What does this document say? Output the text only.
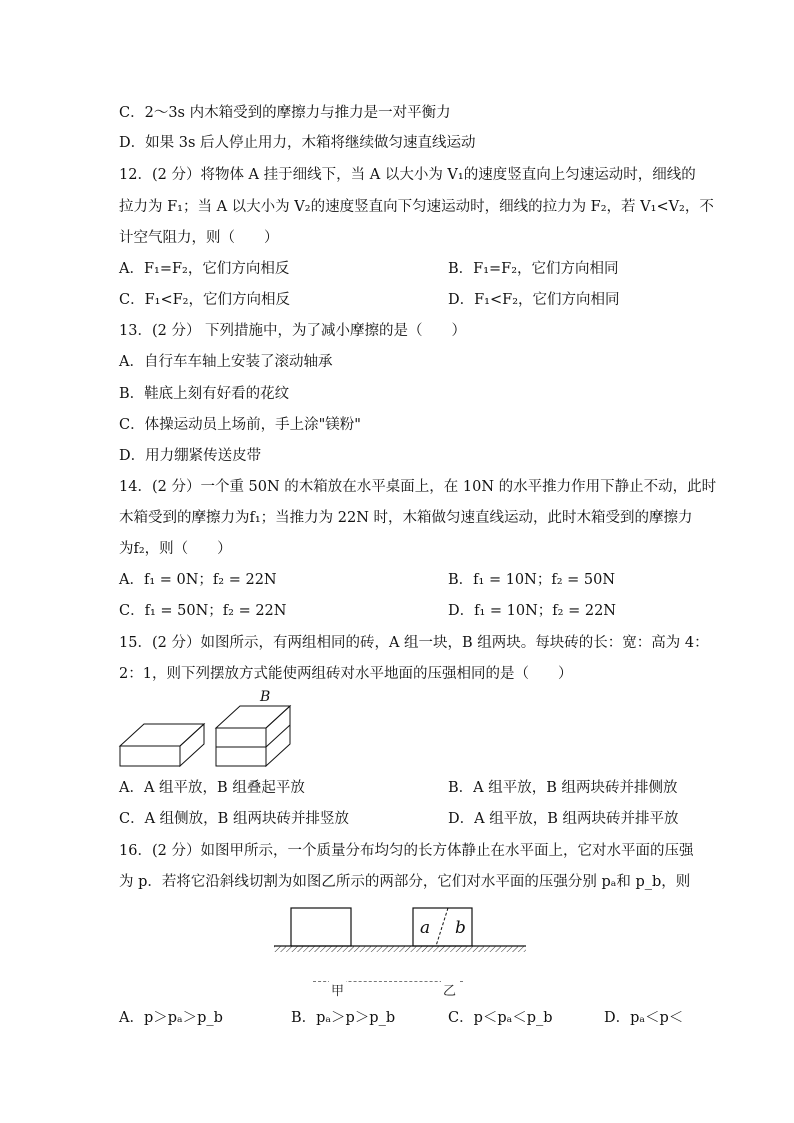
C．2～3s 内木箱受到的摩擦力与推力是一对平衡力
D．如果 3s 后人停止用力，木箱将继续做匀速直线运动
12．(2 分）将物体 A 挂于细线下，当 A 以大小为 V₁的速度竖直向上匀速运动时，细线的
拉力为 F₁；当 A 以大小为 V₂的速度竖直向下匀速运动时，细线的拉力为 F₂，若 V₁<V₂，不
计空气阻力，则（　　）
A．F₁=F₂，它们方向相反	B．F₁=F₂，它们方向相同
C．F₁<F₂，它们方向相反	D．F₁<F₂，它们方向相同
13．(2 分） 下列措施中，为了减小摩擦的是（　　）
A．自行车车轴上安装了滚动轴承
B．鞋底上刻有好看的花纹
C．体操运动员上场前，手上涂"镁粉"
D．用力绷紧传送皮带
14．(2 分）一个重 50N 的木箱放在水平桌面上，在 10N 的水平推力作用下静止不动，此时
木箱受到的摩擦力为f₁；当推力为 22N 时，木箱做匀速直线运动，此时木箱受到的摩擦力
为f₂，则（　　）
A．f₁ = 0N；f₂ = 22N	B．f₁ = 10N；f₂ = 50N
C．f₁ = 50N；f₂ = 22N	D．f₁ = 10N；f₂ = 22N
15．(2 分）如图所示，有两组相同的砖，A 组一块，B 组两块。每块砖的长：宽：高为 4：
2：1，则下列摆放方式能使两组砖对水平地面的压强相同的是（　　）
B
A．A 组平放，B 组叠起平放	B．A 组平放，B 组两块砖并排侧放
C．A 组侧放，B 组两块砖并排竖放	D．A 组平放，B 组两块砖并排平放
16．(2 分）如图甲所示，一个质量分布均匀的长方体静止在水平面上，它对水平面的压强
为 p．若将它沿斜线切割为如图乙所示的两部分，它们对水平面的压强分别 pₐ和 p_b，则
a b
甲	乙
A．p＞pₐ＞p_b	B．pₐ＞p＞p_b	C．p＜pₐ＜p_b	D．pₐ＜p＜
